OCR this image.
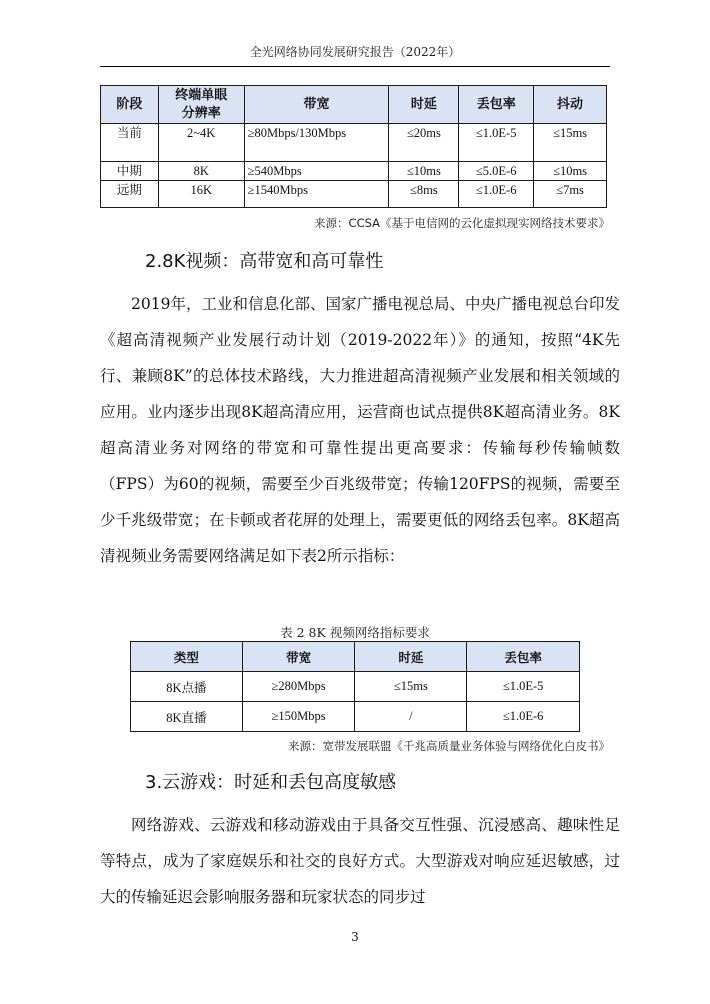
全光网络协同发展研究报告（2022年）
阶段	终端单眼分辨率	带宽	时延	丢包率	抖动
当前	2~4K	≥80Mbps/130Mbps	≤20ms	≤1.0E-5	≤15ms
中期	8K	≥540Mbps	≤10ms	≤5.0E-6	≤10ms
远期	16K	≥1540Mbps	≤8ms	≤1.0E-6	≤7ms
来源：CCSA《基于电信网的云化虚拟现实网络技术要求》
2.8K视频：高带宽和高可靠性
2019年，工业和信息化部、国家广播电视总局、中央广播电视总台印发《超高清视频产业发展行动计划（2019-2022年）》的通知，按照“4K先行、兼顾8K”的总体技术路线，大力推进超高清视频产业发展和相关领域的应用。业内逐步出现8K超高清应用，运营商也试点提供8K超高清业务。8K超高清业务对网络的带宽和可靠性提出更高要求：传输每秒传输帧数（FPS）为60的视频，需要至少百兆级带宽；传输120FPS的视频，需要至少千兆级带宽；在卡顿或者花屏的处理上，需要更低的网络丢包率。8K超高清视频业务需要网络满足如下表2所示指标：
表 2 8K 视频网络指标要求
类型	带宽	时延	丢包率
8K点播	≥280Mbps	≤15ms	≤1.0E-5
8K直播	≥150Mbps	/	≤1.0E-6
来源：宽带发展联盟《千兆高质量业务体验与网络优化白皮书》
3.云游戏：时延和丢包高度敏感
网络游戏、云游戏和移动游戏由于具备交互性强、沉浸感高、趣味性足等特点，成为了家庭娱乐和社交的良好方式。大型游戏对响应延迟敏感，过大的传输延迟会影响服务器和玩家状态的同步过
3
